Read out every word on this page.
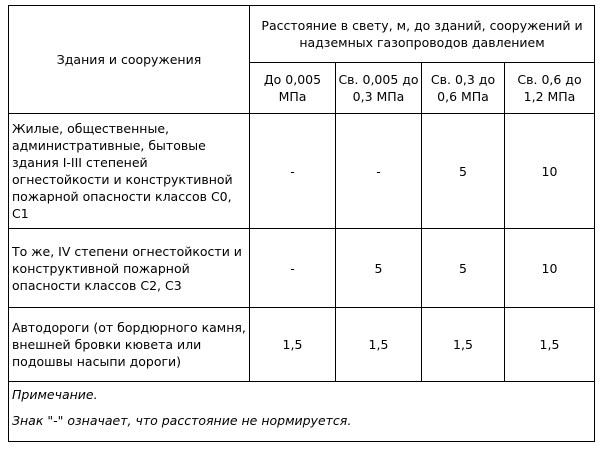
Здания и сооружения	Расстояние в свету, м, до зданий, сооружений и надземных газопроводов давлением			
	До 0,005 МПа	Св. 0,005 до 0,3 МПа	Св. 0,3 до 0,6 МПа	Св. 0,6 до 1,2 МПа
Жилые, общественные, административные, бытовые здания I-III степеней огнестойкости и конструктивной пожарной опасности классов С0, С1	-	-	5	10
То же, IV степени огнестойкости и конструктивной пожарной опасности классов С2, С3	-	5	5	10
Автодороги (от бордюрного камня, внешней бровки кювета или подошвы насыпи дороги)	1,5	1,5	1,5	1,5

Примечание.
Знак "-" означает, что расстояние не нормируется.				
